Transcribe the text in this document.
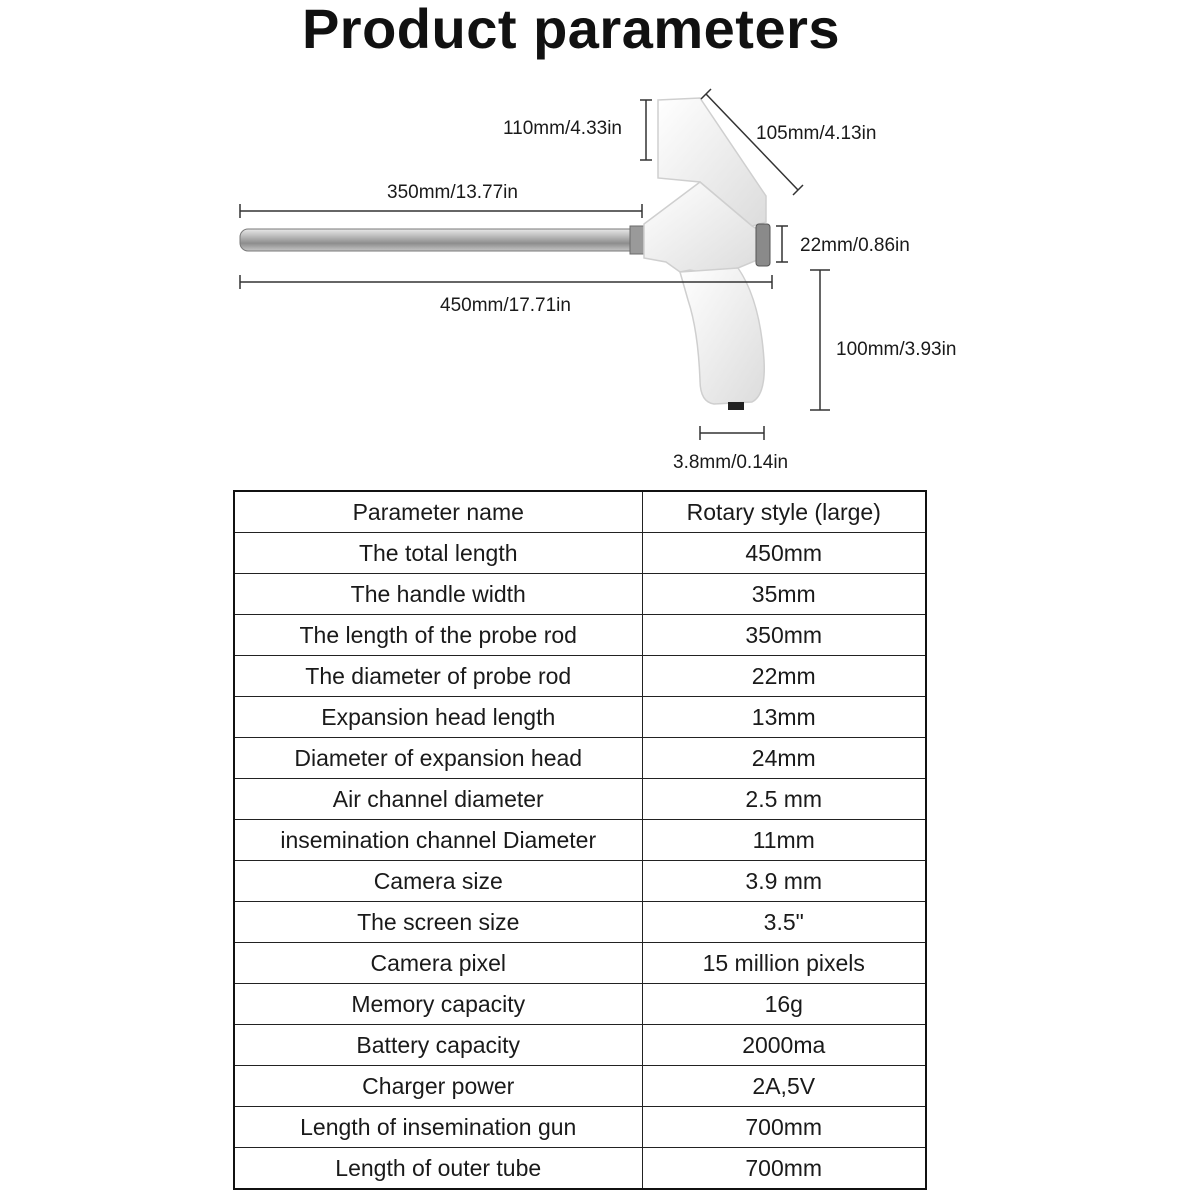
Product parameters
110mm/4.33in	105mm/4.13in
350mm/13.77in
22mm/0.86in
450mm/17.71in
100mm/3.93in
3.8mm/0.14in
Parameter name	Rotary style (large)
The total length	450mm
The handle width	35mm
The length of the probe rod	350mm
The diameter of probe rod	22mm
Expansion head length	13mm
Diameter of expansion head	24mm
Air channel diameter	2.5 mm
insemination channel Diameter	11mm
Camera size	3.9 mm
The screen size	3.5"
Camera pixel	15 million pixels
Memory capacity	16g
Battery capacity	2000ma
Charger power	2A,5V
Length of insemination gun	700mm
Length of outer tube	700mm
